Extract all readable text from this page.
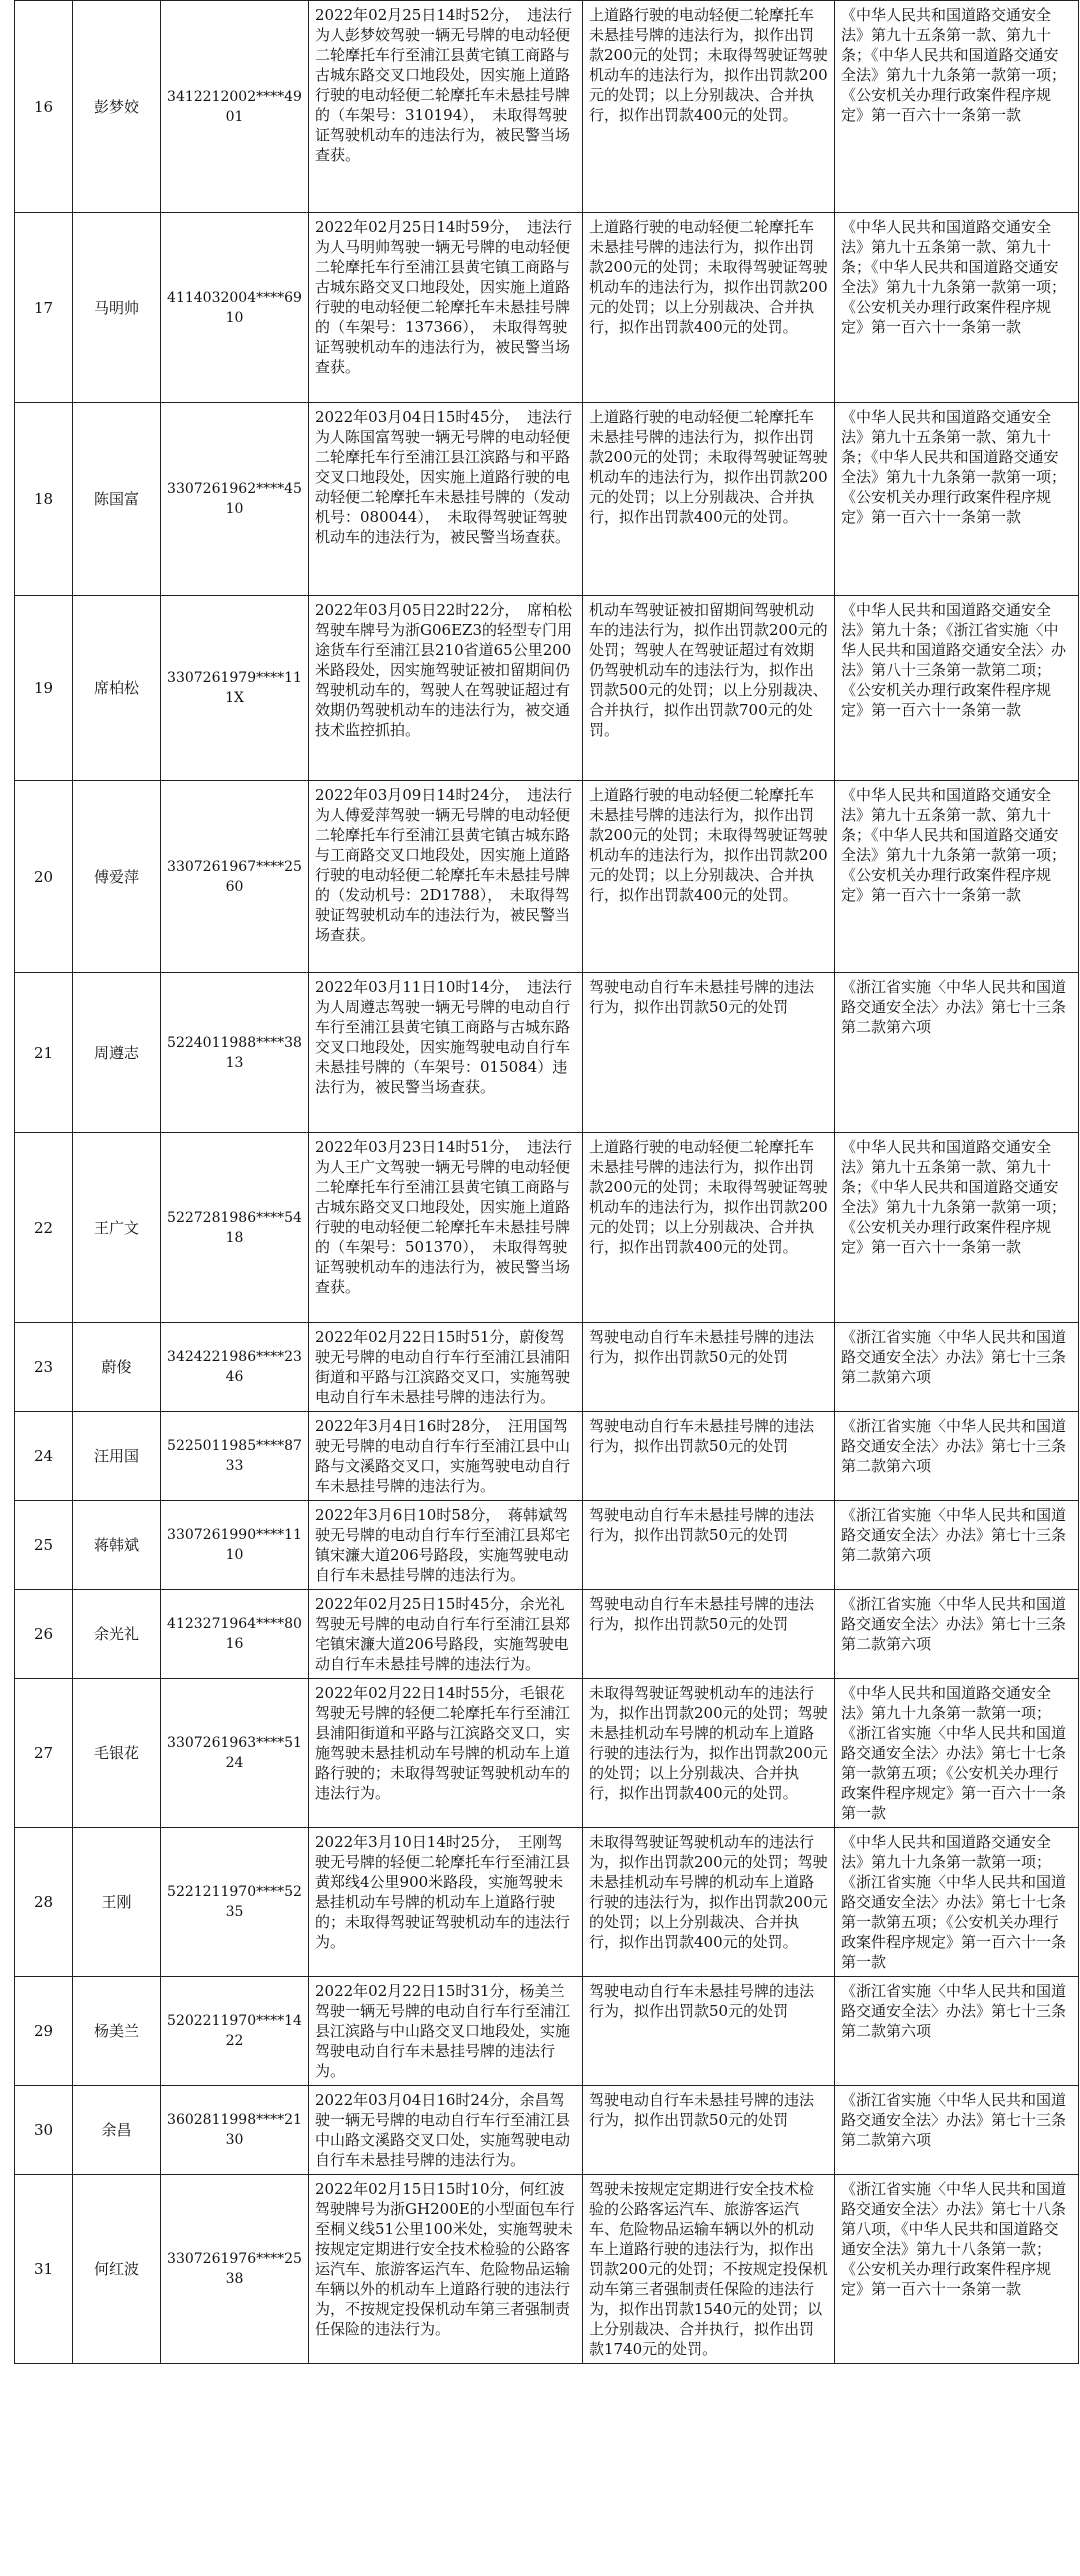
16	彭梦姣	3412212002****4901	2022年02月25日14时52分，　违法行为人彭梦姣驾驶一辆无号牌的电动轻便二轮摩托车行至浦江县黄宅镇工商路与古城东路交叉口地段处，因实施上道路行驶的电动轻便二轮摩托车未悬挂号牌的（车架号：310194），　未取得驾驶证驾驶机动车的违法行为，被民警当场查获。	上道路行驶的电动轻便二轮摩托车未悬挂号牌的违法行为，拟作出罚款200元的处罚；未取得驾驶证驾驶机动车的违法行为，拟作出罚款200元的处罚；以上分别裁决、合并执行，拟作出罚款400元的处罚。	《中华人民共和国道路交通安全法》第九十五条第一款、第九十条；《中华人民共和国道路交通安全法》第九十九条第一款第一项；《公安机关办理行政案件程序规定》第一百六十一条第一款
17	马明帅	4114032004****6910	2022年02月25日14时59分，　违法行为人马明帅驾驶一辆无号牌的电动轻便二轮摩托车行至浦江县黄宅镇工商路与古城东路交叉口地段处，因实施上道路行驶的电动轻便二轮摩托车未悬挂号牌的（车架号：137366），　未取得驾驶证驾驶机动车的违法行为，被民警当场查获。	上道路行驶的电动轻便二轮摩托车未悬挂号牌的违法行为，拟作出罚款200元的处罚；未取得驾驶证驾驶机动车的违法行为，拟作出罚款200元的处罚；以上分别裁决、合并执行，拟作出罚款400元的处罚。	《中华人民共和国道路交通安全法》第九十五条第一款、第九十条；《中华人民共和国道路交通安全法》第九十九条第一款第一项；《公安机关办理行政案件程序规定》第一百六十一条第一款
18	陈国富	3307261962****4510	2022年03月04日15时45分，　违法行为人陈国富驾驶一辆无号牌的电动轻便二轮摩托车行至浦江县江滨路与和平路交叉口地段处，因实施上道路行驶的电动轻便二轮摩托车未悬挂号牌的（发动机号：080044），　未取得驾驶证驾驶机动车的违法行为，被民警当场查获。	上道路行驶的电动轻便二轮摩托车未悬挂号牌的违法行为，拟作出罚款200元的处罚；未取得驾驶证驾驶机动车的违法行为，拟作出罚款200元的处罚；以上分别裁决、合并执行，拟作出罚款400元的处罚。	《中华人民共和国道路交通安全法》第九十五条第一款、第九十条；《中华人民共和国道路交通安全法》第九十九条第一款第一项；《公安机关办理行政案件程序规定》第一百六十一条第一款
19	席柏松	3307261979****111X	2022年03月05日22时22分，　席柏松驾驶车牌号为浙G06EZ3的轻型专门用途货车行至浦江县210省道65公里200米路段处，因实施驾驶证被扣留期间仍驾驶机动车的，驾驶人在驾驶证超过有效期仍驾驶机动车的违法行为，被交通技术监控抓拍。	机动车驾驶证被扣留期间驾驶机动车的违法行为，拟作出罚款200元的处罚；驾驶人在驾驶证超过有效期仍驾驶机动车的违法行为，拟作出罚款500元的处罚；以上分别裁决、合并执行，拟作出罚款700元的处罚。	《中华人民共和国道路交通安全法》第九十条；《浙江省实施〈中华人民共和国道路交通安全法〉办法》第八十三条第一款第二项；《公安机关办理行政案件程序规定》第一百六十一条第一款
20	傅爱萍	3307261967****2560	2022年03月09日14时24分，　违法行为人傅爱萍驾驶一辆无号牌的电动轻便二轮摩托车行至浦江县黄宅镇古城东路与工商路交叉口地段处，因实施上道路行驶的电动轻便二轮摩托车未悬挂号牌的（发动机号：2D1788），　未取得驾驶证驾驶机动车的违法行为，被民警当场查获。	上道路行驶的电动轻便二轮摩托车未悬挂号牌的违法行为，拟作出罚款200元的处罚；未取得驾驶证驾驶机动车的违法行为，拟作出罚款200元的处罚；以上分别裁决、合并执行，拟作出罚款400元的处罚。	《中华人民共和国道路交通安全法》第九十五条第一款、第九十条；《中华人民共和国道路交通安全法》第九十九条第一款第一项；《公安机关办理行政案件程序规定》第一百六十一条第一款
21	周遵志	5224011988****3813	2022年03月11日10时14分，　违法行为人周遵志驾驶一辆无号牌的电动自行车行至浦江县黄宅镇工商路与古城东路交叉口地段处，因实施驾驶电动自行车未悬挂号牌的（车架号：015084）违法行为，被民警当场查获。	驾驶电动自行车未悬挂号牌的违法行为，拟作出罚款50元的处罚	《浙江省实施〈中华人民共和国道路交通安全法〉办法》第七十三条第二款第六项
22	王广文	5227281986****5418	2022年03月23日14时51分，　违法行为人王广文驾驶一辆无号牌的电动轻便二轮摩托车行至浦江县黄宅镇工商路与古城东路交叉口地段处，因实施上道路行驶的电动轻便二轮摩托车未悬挂号牌的（车架号：501370），　未取得驾驶证驾驶机动车的违法行为，被民警当场查获。	上道路行驶的电动轻便二轮摩托车未悬挂号牌的违法行为，拟作出罚款200元的处罚；未取得驾驶证驾驶机动车的违法行为，拟作出罚款200元的处罚；以上分别裁决、合并执行，拟作出罚款400元的处罚。	《中华人民共和国道路交通安全法》第九十五条第一款、第九十条；《中华人民共和国道路交通安全法》第九十九条第一款第一项；《公安机关办理行政案件程序规定》第一百六十一条第一款
23	蔚俊	3424221986****2346	2022年02月22日15时51分，蔚俊驾驶无号牌的电动自行车行至浦江县浦阳街道和平路与江滨路交叉口，实施驾驶电动自行车未悬挂号牌的违法行为。	驾驶电动自行车未悬挂号牌的违法行为，拟作出罚款50元的处罚	《浙江省实施〈中华人民共和国道路交通安全法〉办法》第七十三条第二款第六项
24	汪用国	5225011985****8733	2022年3月4日16时28分，　汪用国驾驶无号牌的电动自行车行至浦江县中山路与文溪路交叉口，实施驾驶电动自行车未悬挂号牌的违法行为。	驾驶电动自行车未悬挂号牌的违法行为，拟作出罚款50元的处罚	《浙江省实施〈中华人民共和国道路交通安全法〉办法》第七十三条第二款第六项
25	蒋韩斌	3307261990****1110	2022年3月6日10时58分，　蒋韩斌驾驶无号牌的电动自行车行至浦江县郑宅镇宋濂大道206号路段，实施驾驶电动自行车未悬挂号牌的违法行为。	驾驶电动自行车未悬挂号牌的违法行为，拟作出罚款50元的处罚	《浙江省实施〈中华人民共和国道路交通安全法〉办法》第七十三条第二款第六项
26	余光礼	4123271964****8016	2022年02月25日15时45分，余光礼驾驶无号牌的电动自行车行至浦江县郑宅镇宋濂大道206号路段，实施驾驶电动自行车未悬挂号牌的违法行为。	驾驶电动自行车未悬挂号牌的违法行为，拟作出罚款50元的处罚	《浙江省实施〈中华人民共和国道路交通安全法〉办法》第七十三条第二款第六项
27	毛银花	3307261963****5124	2022年02月22日14时55分，毛银花驾驶无号牌的轻便二轮摩托车行至浦江县浦阳街道和平路与江滨路交叉口，实施驾驶未悬挂机动车号牌的机动车上道路行驶的；未取得驾驶证驾驶机动车的违法行为。	未取得驾驶证驾驶机动车的违法行为，拟作出罚款200元的处罚；驾驶未悬挂机动车号牌的机动车上道路行驶的违法行为，拟作出罚款200元的处罚；以上分别裁决、合并执行，拟作出罚款400元的处罚。	《中华人民共和国道路交通安全法》第九十九条第一款第一项；《浙江省实施〈中华人民共和国道路交通安全法〉办法》第七十七条第一款第五项；《公安机关办理行政案件程序规定》第一百六十一条第一款
28	王刚	5221211970****5235	2022年3月10日14时25分，　王刚驾驶无号牌的轻便二轮摩托车行至浦江县黄郑线4公里900米路段，实施驾驶未悬挂机动车号牌的机动车上道路行驶的；未取得驾驶证驾驶机动车的违法行为。	未取得驾驶证驾驶机动车的违法行为，拟作出罚款200元的处罚；驾驶未悬挂机动车号牌的机动车上道路行驶的违法行为，拟作出罚款200元的处罚；以上分别裁决、合并执行，拟作出罚款400元的处罚。	《中华人民共和国道路交通安全法》第九十九条第一款第一项；《浙江省实施〈中华人民共和国道路交通安全法〉办法》第七十七条第一款第五项；《公安机关办理行政案件程序规定》第一百六十一条第一款
29	杨美兰	5202211970****1422	2022年02月22日15时31分，杨美兰驾驶一辆无号牌的电动自行车行至浦江县江滨路与中山路交叉口地段处，实施驾驶电动自行车未悬挂号牌的违法行为。	驾驶电动自行车未悬挂号牌的违法行为，拟作出罚款50元的处罚	《浙江省实施〈中华人民共和国道路交通安全法〉办法》第七十三条第二款第六项
30	余昌	3602811998****2130	2022年03月04日16时24分，余昌驾驶一辆无号牌的电动自行车行至浦江县中山路文溪路交叉口处，实施驾驶电动自行车未悬挂号牌的违法行为。	驾驶电动自行车未悬挂号牌的违法行为，拟作出罚款50元的处罚	《浙江省实施〈中华人民共和国道路交通安全法〉办法》第七十三条第二款第六项
31	何红波	3307261976****2538	2022年02月15日15时10分，何红波驾驶牌号为浙GH200E的小型面包车行至桐义线51公里100米处，实施驾驶未按规定定期进行安全技术检验的公路客运汽车、旅游客运汽车、危险物品运输车辆以外的机动车上道路行驶的违法行为，不按规定投保机动车第三者强制责任保险的违法行为。	驾驶未按规定定期进行安全技术检验的公路客运汽车、旅游客运汽车、危险物品运输车辆以外的机动车上道路行驶的违法行为，拟作出罚款200元的处罚；不按规定投保机动车第三者强制责任保险的违法行为，拟作出罚款1540元的处罚；以上分别裁决、合并执行，拟作出罚款1740元的处罚。	《浙江省实施〈中华人民共和国道路交通安全法〉办法》第七十八条第八项，《中华人民共和国道路交通安全法》第九十八条第一款；《公安机关办理行政案件程序规定》第一百六十一条第一款
